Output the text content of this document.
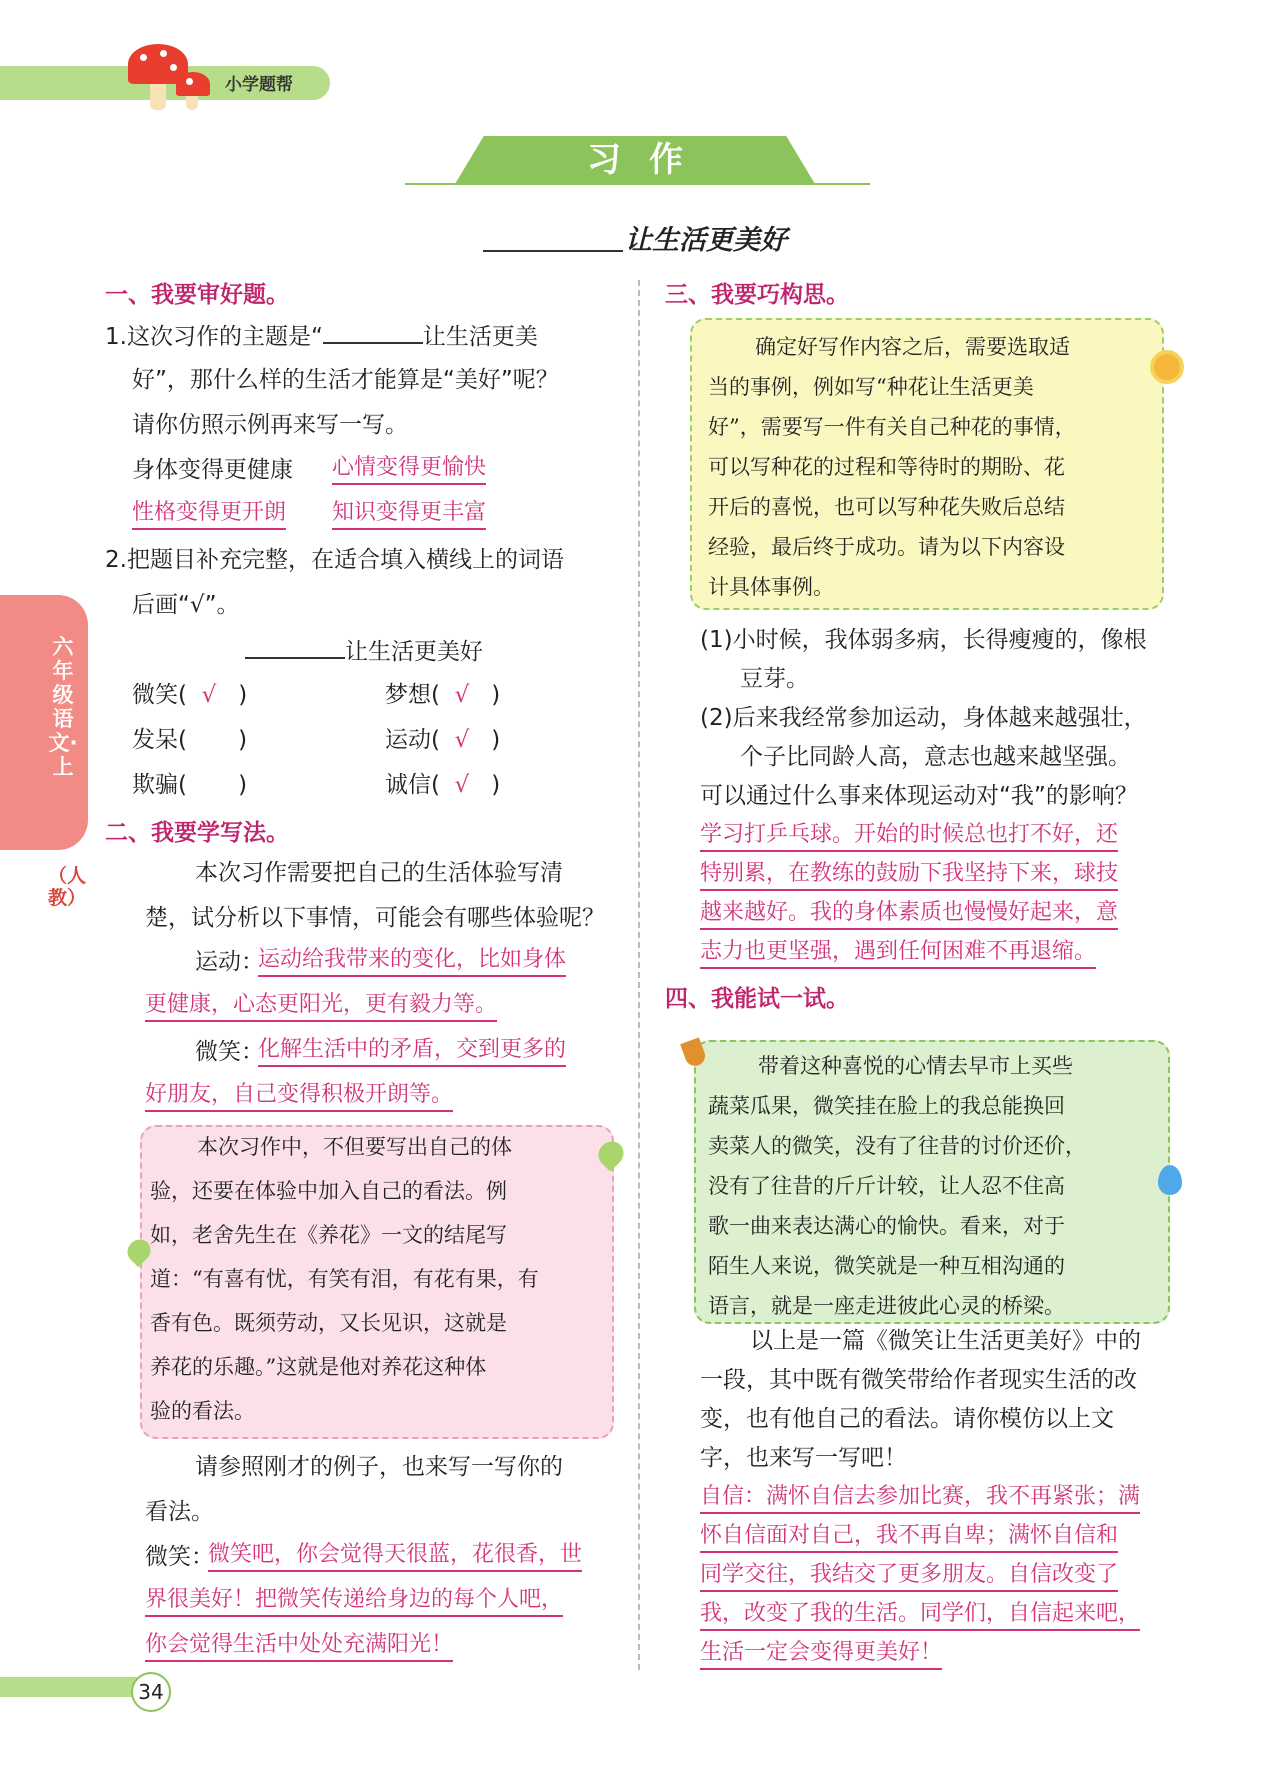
小学题帮
习作
让生活更美好
六年级语文·上
（人教）
一、我要审好题。
1.这次习作的主题是“	让生活更美
好”，那什么样的生活才能算是“美好”呢？
请你仿照示例再来写一写。
身体变得更健康 心情变得更愉快
性格变得更开朗 知识变得更丰富
2.把题目补充完整，在适合填入横线上的词语
后画“√”。
让生活更美好
微笑( √ )	梦想( √ )
发呆( )	运动( √ )
欺骗( )	诚信( √ )
二、我要学写法。
本次习作需要把自己的生活体验写清
楚，试分析以下事情，可能会有哪些体验呢？
运动：
运动给我带来的变化，比如身体
更健康，心态更阳光，更有毅力等。
微笑：
化解生活中的矛盾，交到更多的
好朋友，自己变得积极开朗等。
本次习作中，不但要写出自己的体
验，还要在体验中加入自己的看法。例
如，老舍先生在《养花》一文的结尾写
道：“有喜有忧，有笑有泪，有花有果，有
香有色。既须劳动，又长见识，这就是
养花的乐趣。”这就是他对养花这种体
验的看法。
请参照刚才的例子，也来写一写你的
看法。
微笑：
微笑吧，你会觉得天很蓝，花很香，世
界很美好！把微笑传递给身边的每个人吧，
你会觉得生活中处处充满阳光！
三、我要巧构思。
确定好写作内容之后，需要选取适
当的事例，例如写“种花让生活更美
好”，需要写一件有关自己种花的事情，
可以写种花的过程和等待时的期盼、花
开后的喜悦，也可以写种花失败后总结
经验，最后终于成功。请为以下内容设
计具体事例。
(1)小时候，我体弱多病，长得瘦瘦的，像根
豆芽。
(2)后来我经常参加运动，身体越来越强壮，
个子比同龄人高，意志也越来越坚强。
可以通过什么事来体现运动对“我”的影响？
学习打乒乓球。开始的时候总也打不好，还
特别累，在教练的鼓励下我坚持下来，球技
越来越好。我的身体素质也慢慢好起来，意
志力也更坚强，遇到任何困难不再退缩。
四、我能试一试。
带着这种喜悦的心情去早市上买些
蔬菜瓜果，微笑挂在脸上的我总能换回
卖菜人的微笑，没有了往昔的讨价还价，
没有了往昔的斤斤计较，让人忍不住高
歌一曲来表达满心的愉快。看来，对于
陌生人来说，微笑就是一种互相沟通的
语言，就是一座走进彼此心灵的桥梁。
以上是一篇《微笑让生活更美好》中的
一段，其中既有微笑带给作者现实生活的改
变，也有他自己的看法。请你模仿以上文
字，也来写一写吧！
自信：满怀自信去参加比赛，我不再紧张；满
怀自信面对自己，我不再自卑；满怀自信和
同学交往，我结交了更多朋友。自信改变了
我，改变了我的生活。同学们，自信起来吧，
生活一定会变得更美好！
34
